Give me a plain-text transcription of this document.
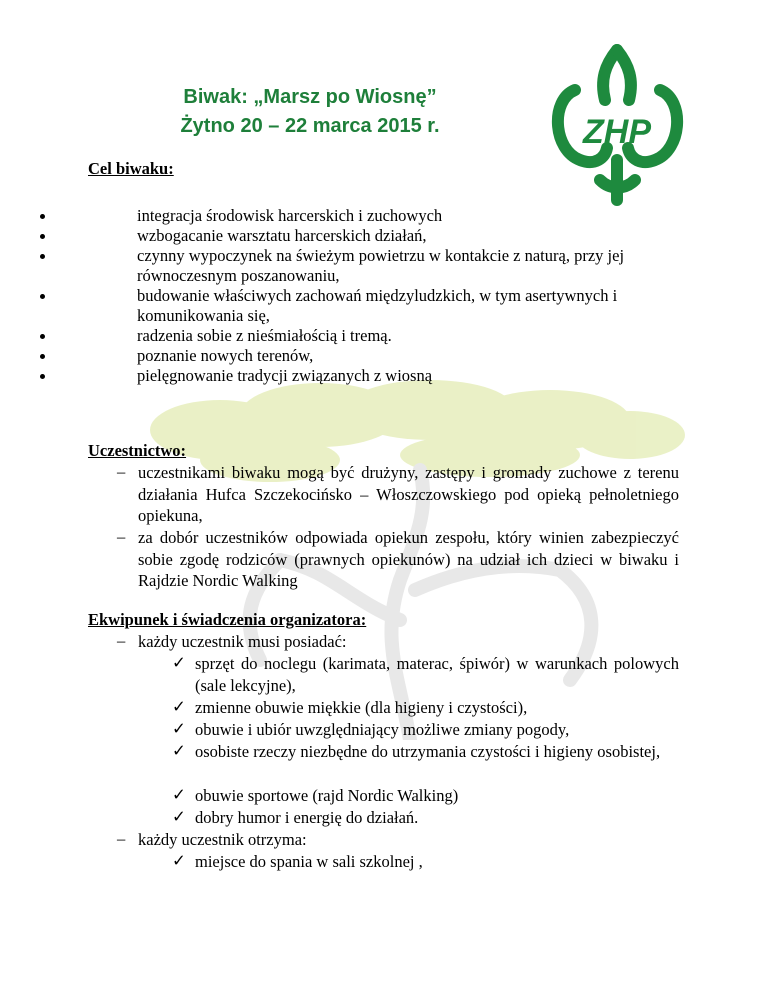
ZHP
Biwak: „Marsz po Wiosnę”
Żytno 20 – 22 marca 2015 r.
Cel biwaku:
integracja środowisk harcerskich i zuchowych
wzbogacanie warsztatu harcerskich działań,
czynny wypoczynek na świeżym powietrzu w kontakcie z naturą, przy jej
równoczesnym poszanowaniu,
budowanie właściwych zachowań międzyludzkich, w tym asertywnych i
komunikowania się,
radzenia sobie z nieśmiałością i tremą.
poznanie nowych terenów,
pielęgnowanie tradycji związanych z wiosną
Uczestnictwo:
– uczestnikami biwaku mogą być drużyny, zastępy i gromady zuchowe z terenu działania Hufca Szczekocińsko – Włoszczowskiego pod opieką pełnoletniego opiekuna,
– za dobór uczestników odpowiada opiekun zespołu, który winien zabezpieczyć sobie zgodę rodziców (prawnych opiekunów) na udział ich dzieci w biwaku i Rajdzie Nordic Walking
Ekwipunek i świadczenia organizatora:
– każdy uczestnik musi posiadać:
✓ sprzęt do noclegu (karimata, materac, śpiwór) w warunkach polowych (sale lekcyjne),
✓ zmienne obuwie miękkie (dla higieny i czystości),
✓ obuwie i ubiór uwzględniający możliwe zmiany pogody,
✓ osobiste rzeczy niezbędne do utrzymania czystości i higieny osobistej,
✓ obuwie sportowe (rajd Nordic Walking)
✓ dobry humor i energię do działań.
– każdy uczestnik otrzyma:
✓ miejsce do spania w sali szkolnej ,
